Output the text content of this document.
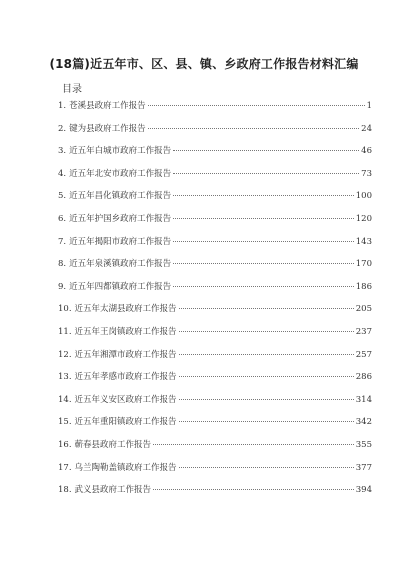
(18篇)近五年市、区、县、镇、乡政府工作报告材料汇编
目录
1. 苍溪县政府工作报告	1
2. 键为县政府工作报告	24
3. 近五年白城市政府工作报告	46
4. 近五年北安市政府工作报告	73
5. 近五年昌化镇政府工作报告	100
6. 近五年护国乡政府工作报告	120
7. 近五年揭阳市政府工作报告	143
8. 近五年泉溪镇政府工作报告	170
9. 近五年四都镇政府工作报告	186
10. 近五年太湖县政府工作报告	205
11. 近五年王岗镇政府工作报告	237
12. 近五年湘潭市政府工作报告	257
13. 近五年孝感市政府工作报告	286
14. 近五年义安区政府工作报告	314
15. 近五年重阳镇政府工作报告	342
16. 蕲春县政府工作报告	355
17. 乌兰陶勒盖镇政府工作报告	377
18. 武义县政府工作报告	394
